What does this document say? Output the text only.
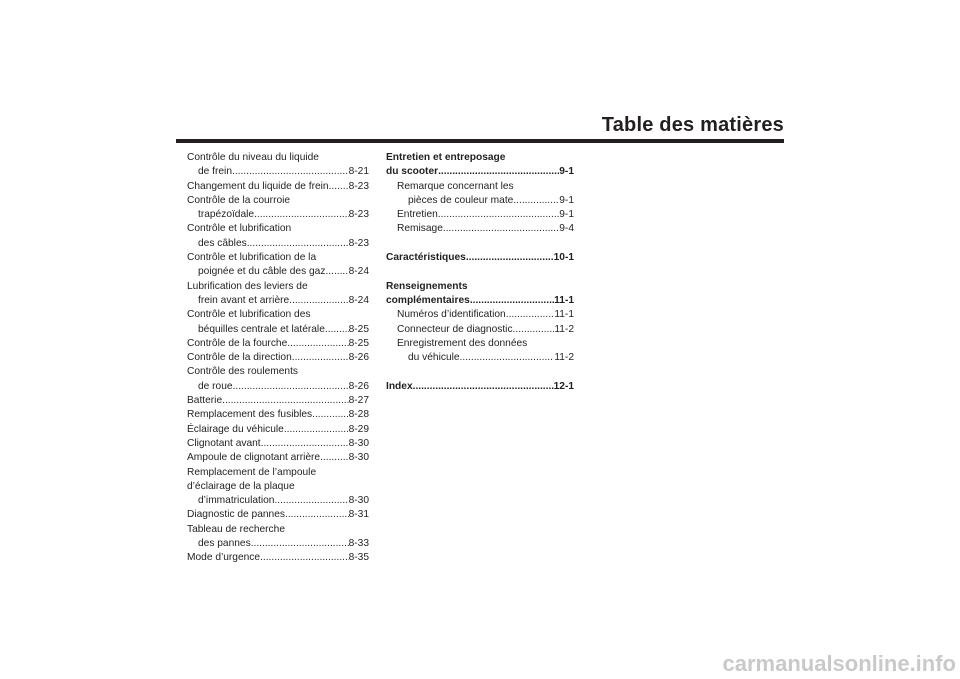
Table des matières
Contrôle du niveau du liquide
de frein .....	8-21
Changement du liquide de frein ..... 8-23
Contrôle de la courroie
trapézoïdale .....	8-23
Contrôle et lubrification
des câbles .....	8-23
Contrôle et lubrification de la
poignée et du câble des gaz ..... 8-24
Lubrification des leviers de
frein avant et arrière .....	8-24
Contrôle et lubrification des
béquilles centrale et latérale ..... 8-25
Contrôle de la fourche .....	8-25
Contrôle de la direction .....	8-26
Contrôle des roulements
de roue .....	8-26
Batterie .....	8-27
Remplacement des fusibles .....	8-28
Éclairage du véhicule .....	8-29
Clignotant avant .....	8-30
Ampoule de clignotant arrière .....	8-30
Remplacement de l’ampoule
d’éclairage de la plaque
d’immatriculation .....	8-30
Diagnostic de pannes .....	8-31
Tableau de recherche
des pannes .....	8-33
Mode d’urgence .....	8-35
Entretien et entreposage
du scooter .....	9-1
Remarque concernant les
pièces de couleur mate .....	9-1
Entretien .....	9-1
Remisage .....	9-4
Caractéristiques .....	10-1
Renseignements
complémentaires .....	11-1
Numéros d’identification .....	11-1
Connecteur de diagnostic .....	11-2
Enregistrement des données
du véhicule .....	11-2
Index .....	12-1
carmanualsonline.info
